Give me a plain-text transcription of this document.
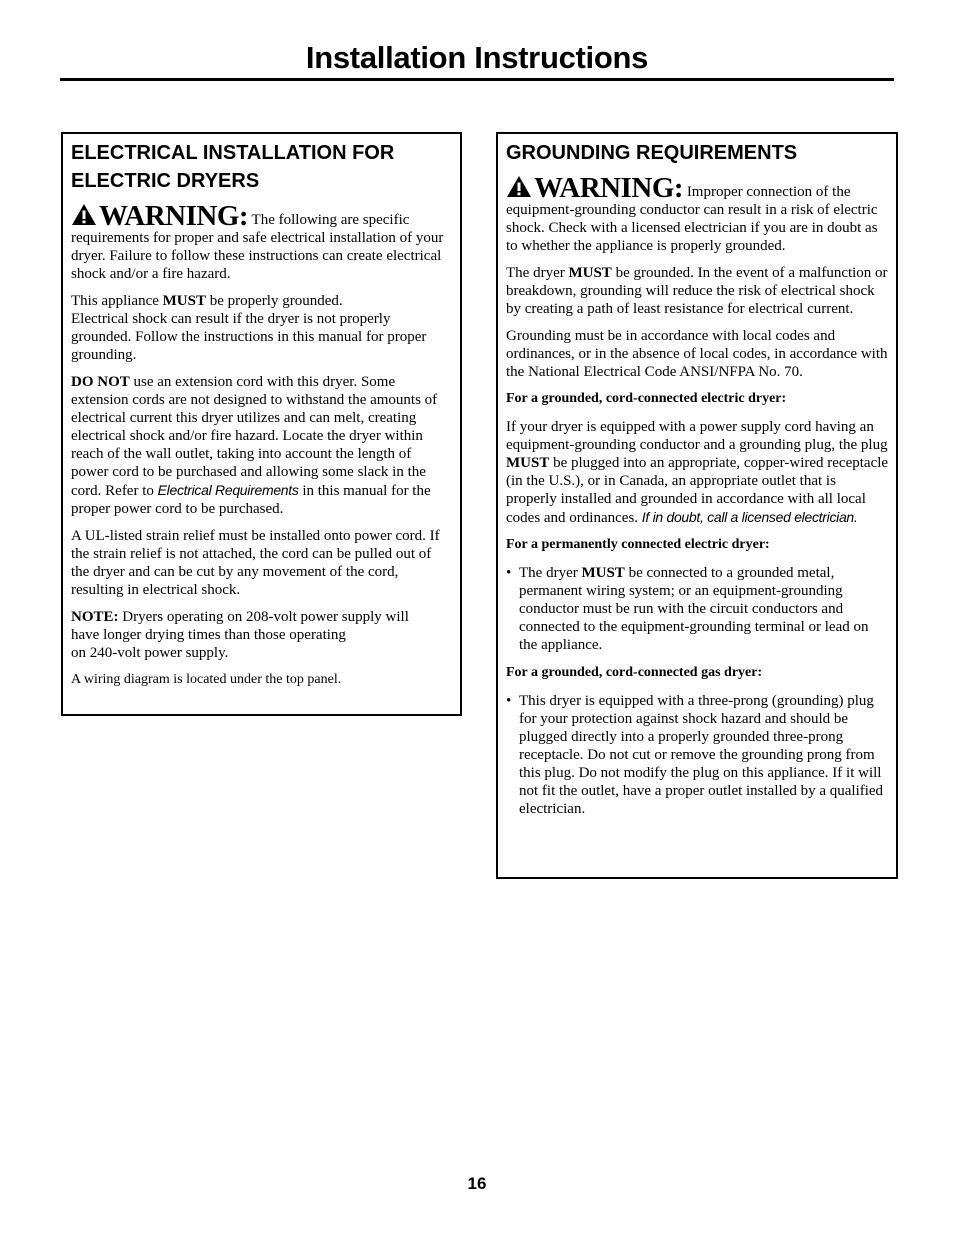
Installation Instructions
ELECTRICAL INSTALLATION FOR
ELECTRIC DRYERS

WARNING: The following are specific requirements for proper and safe electrical installation of your dryer. Failure to follow these instructions can create electrical shock and/or a fire hazard.

This appliance MUST be properly grounded.
Electrical shock can result if the dryer is not properly grounded. Follow the instructions in this manual for proper grounding.

DO NOT use an extension cord with this dryer. Some extension cords are not designed to withstand the amounts of electrical current this dryer utilizes and can melt, creating electrical shock and/or fire hazard. Locate the dryer within reach of the wall outlet, taking into account the length of power cord to be purchased and allowing some slack in the cord. Refer to Electrical Requirements in this manual for the proper power cord to be purchased.

A UL-listed strain relief must be installed onto power cord. If the strain relief is not attached, the cord can be pulled out of the dryer and can be cut by any movement of the cord, resulting in electrical shock.

NOTE: Dryers operating on 208-volt power supply will
have longer drying times than those operating
on 240-volt power supply.

A wiring diagram is located under the top panel.

GROUNDING REQUIREMENTS

WARNING: Improper connection of the equipment-grounding conductor can result in a risk of electric shock. Check with a licensed electrician if you are in doubt as to whether the appliance is properly grounded.

The dryer MUST be grounded. In the event of a malfunction or breakdown, grounding will reduce the risk of electrical shock by creating a path of least resistance for electrical current.

Grounding must be in accordance with local codes and ordinances, or in the absence of local codes, in accordance with the National Electrical Code ANSI/NFPA No. 70.

For a grounded, cord-connected electric dryer:

If your dryer is equipped with a power supply cord having an equipment-grounding conductor and a grounding plug, the plug MUST be plugged into an appropriate, copper-wired receptacle (in the U.S.), or in Canada, an appropriate outlet that is properly installed and grounded in accordance with all local codes and ordinances. If in doubt, call a licensed electrician.

For a permanently connected electric dryer:

• The dryer MUST be connected to a grounded metal, permanent wiring system; or an equipment-grounding conductor must be run with the circuit conductors and connected to the equipment-grounding terminal or lead on the appliance.

For a grounded, cord-connected gas dryer:

• This dryer is equipped with a three-prong (grounding) plug for your protection against shock hazard and should be plugged directly into a properly grounded three-prong receptacle. Do not cut or remove the grounding prong from this plug. Do not modify the plug on this appliance. If it will not fit the outlet, have a proper outlet installed by a qualified electrician.
16
